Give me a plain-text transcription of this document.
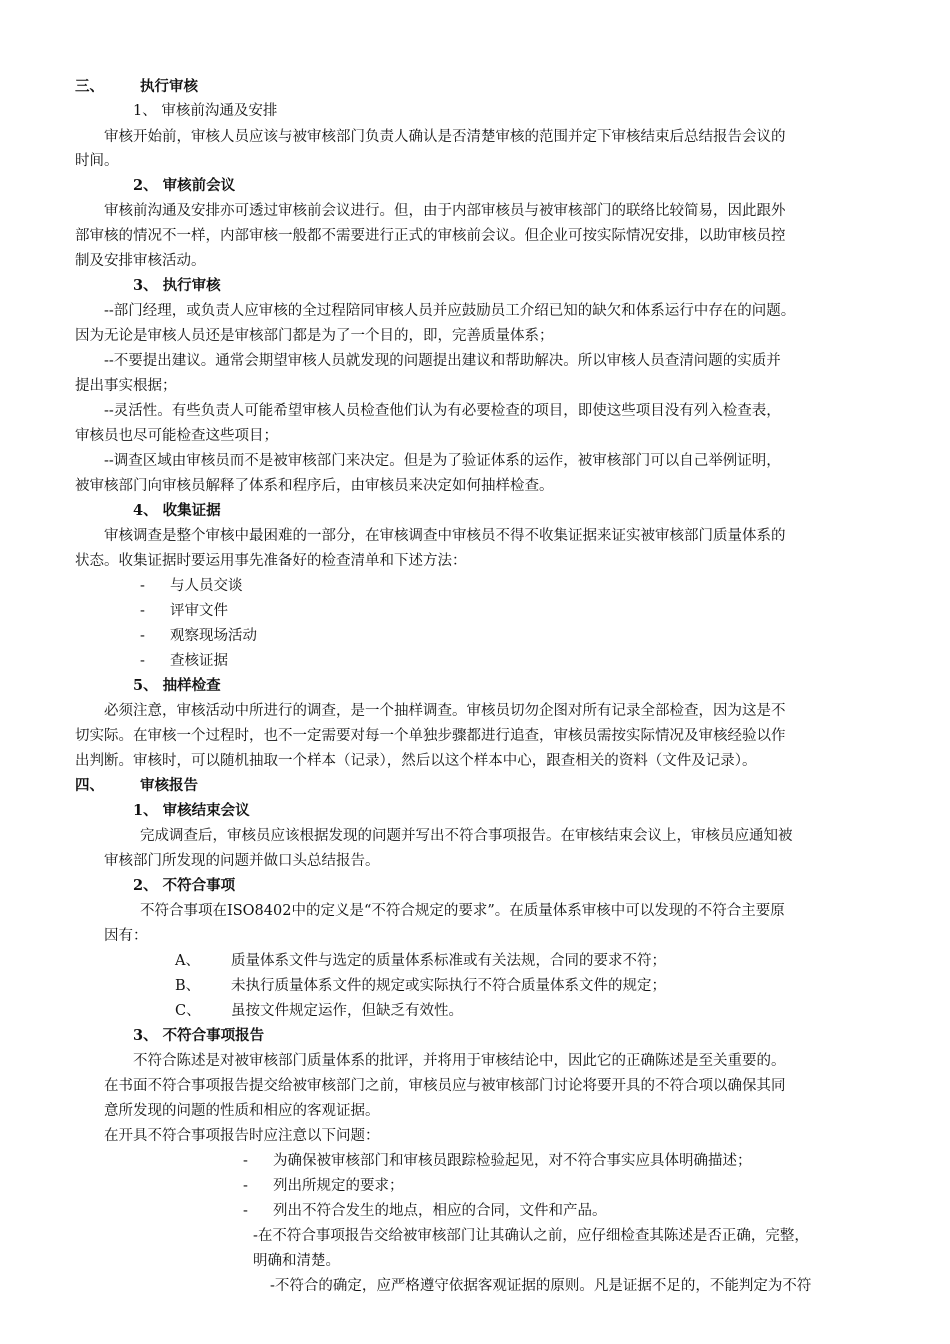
三、 执行审核
1、 审核前沟通及安排
审核开始前，审核人员应该与被审核部门负责人确认是否清楚审核的范围并定下审核结束后总结报告会议的
时间。
2、 审核前会议
审核前沟通及安排亦可透过审核前会议进行。但，由于内部审核员与被审核部门的联络比较简易，因此跟外
部审核的情况不一样，内部审核一般都不需要进行正式的审核前会议。但企业可按实际情况安排，以助审核员控
制及安排审核活动。
3、 执行审核
--部门经理，或负责人应审核的全过程陪同审核人员并应鼓励员工介绍已知的缺欠和体系运行中存在的问题。
因为无论是审核人员还是审核部门都是为了一个目的，即，完善质量体系；
--不要提出建议。通常会期望审核人员就发现的问题提出建议和帮助解决。所以审核人员查清问题的实质并
提出事实根据；
--灵活性。有些负责人可能希望审核人员检查他们认为有必要检查的项目，即使这些项目没有列入检查表，
审核员也尽可能检查这些项目；
--调查区域由审核员而不是被审核部门来决定。但是为了验证体系的运作，被审核部门可以自己举例证明，
被审核部门向审核员解释了体系和程序后，由审核员来决定如何抽样检查。
4、 收集证据
审核调查是整个审核中最困难的一部分，在审核调查中审核员不得不收集证据来证实被审核部门质量体系的
状态。收集证据时要运用事先准备好的检查清单和下述方法：
- 与人员交谈
- 评审文件
- 观察现场活动
- 查核证据
5、 抽样检查
必须注意，审核活动中所进行的调查，是一个抽样调查。审核员切勿企图对所有记录全部检查，因为这是不
切实际。在审核一个过程时，也不一定需要对每一个单独步骤都进行追查，审核员需按实际情况及审核经验以作
出判断。审核时，可以随机抽取一个样本（记录），然后以这个样本中心，跟查相关的资料（文件及记录）。
四、 审核报告
1、 审核结束会议
完成调查后，审核员应该根据发现的问题并写出不符合事项报告。在审核结束会议上，审核员应通知被
审核部门所发现的问题并做口头总结报告。
2、 不符合事项
不符合事项在ISO8402中的定义是“不符合规定的要求”。在质量体系审核中可以发现的不符合主要原
因有：
A、 质量体系文件与选定的质量体系标准或有关法规，合同的要求不符；
B、 未执行质量体系文件的规定或实际执行不符合质量体系文件的规定；
C、 虽按文件规定运作，但缺乏有效性。
3、 不符合事项报告
不符合陈述是对被审核部门质量体系的批评，并将用于审核结论中，因此它的正确陈述是至关重要的。
在书面不符合事项报告提交给被审核部门之前，审核员应与被审核部门讨论将要开具的不符合项以确保其同
意所发现的问题的性质和相应的客观证据。
在开具不符合事项报告时应注意以下问题：
- 为确保被审核部门和审核员跟踪检验起见，对不符合事实应具体明确描述；
- 列出所规定的要求；
- 列出不符合发生的地点，相应的合同，文件和产品。
-在不符合事项报告交给被审核部门让其确认之前，应仔细检查其陈述是否正确，完整，
明确和清楚。
-不符合的确定，应严格遵守依据客观证据的原则。凡是证据不足的，不能判定为不符
